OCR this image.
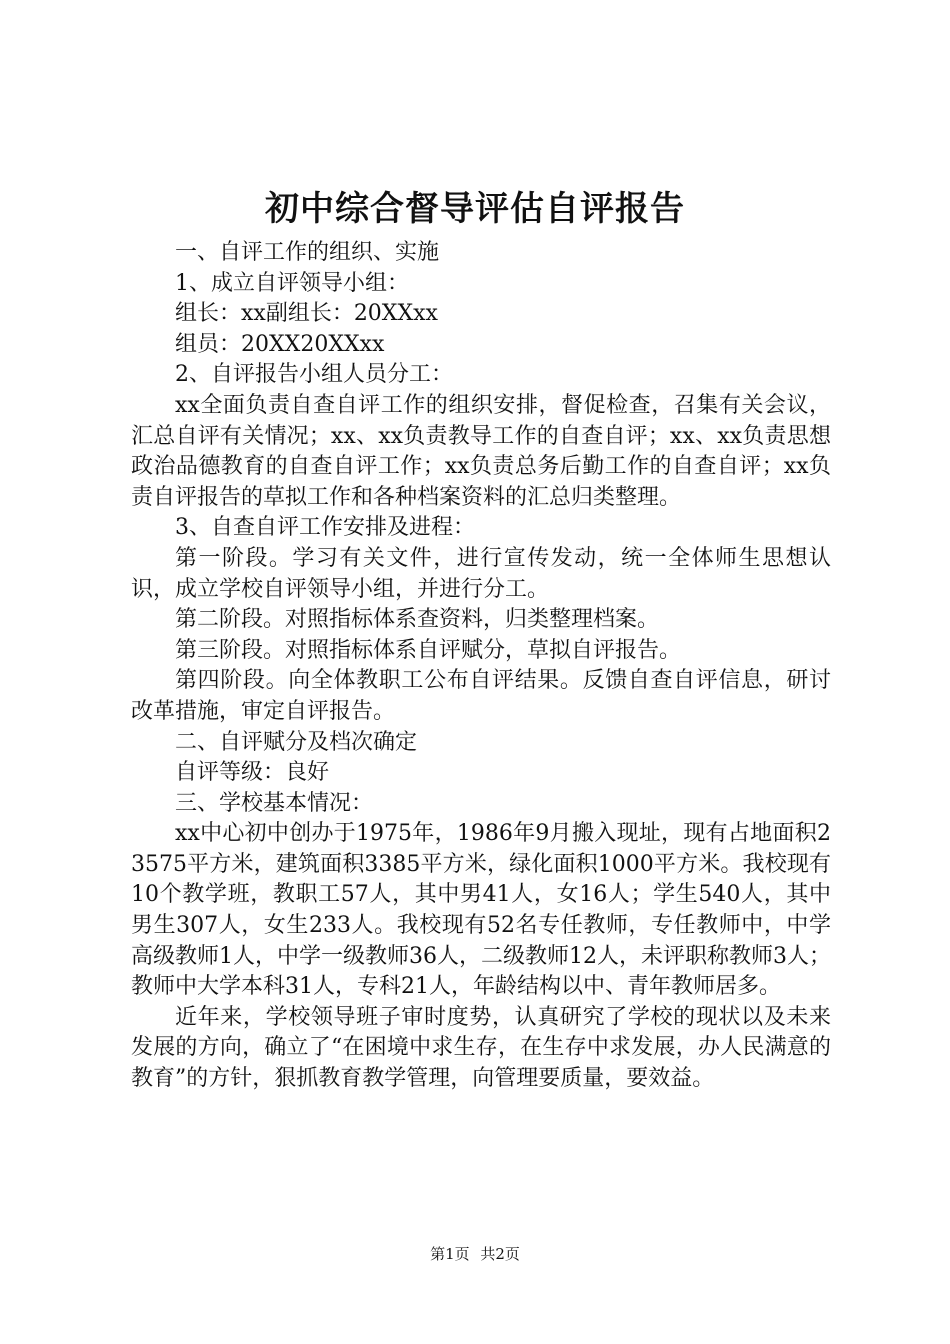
初中综合督导评估自评报告

一、自评工作的组织、实施

1、成立自评领导小组：

组长：xx副组长：20XXxx

组员：20XX20XXxx

2、自评报告小组人员分工：

xx全面负责自查自评工作的组织安排，督促检查，召集有关会议，汇总自评有关情况；xx、xx负责教导工作的自查自评；xx、xx负责思想政治品德教育的自查自评工作；xx负责总务后勤工作的自查自评；xx负责自评报告的草拟工作和各种档案资料的汇总归类整理。

3、自查自评工作安排及进程：

第一阶段。学习有关文件，进行宣传发动，统一全体师生思想认识，成立学校自评领导小组，并进行分工。

第二阶段。对照指标体系查资料，归类整理档案。

第三阶段。对照指标体系自评赋分，草拟自评报告。

第四阶段。向全体教职工公布自评结果。反馈自查自评信息，研讨改革措施，审定自评报告。

二、自评赋分及档次确定

自评等级：良好

三、学校基本情况：

xx中心初中创办于1975年，1986年9月搬入现址，现有占地面积23575平方米，建筑面积3385平方米，绿化面积1000平方米。我校现有10个教学班，教职工57人，其中男41人，女16人；学生540人，其中男生307人，女生233人。我校现有52名专任教师，专任教师中，中学高级教师1人，中学一级教师36人，二级教师12人，未评职称教师3人；教师中大学本科31人，专科21人，年龄结构以中、青年教师居多。

近年来，学校领导班子审时度势，认真研究了学校的现状以及未来发展的方向，确立了“在困境中求生存，在生存中求发展，办人民满意的教育”的方针，狠抓教育教学管理，向管理要质量，要效益。

第1页 共2页
